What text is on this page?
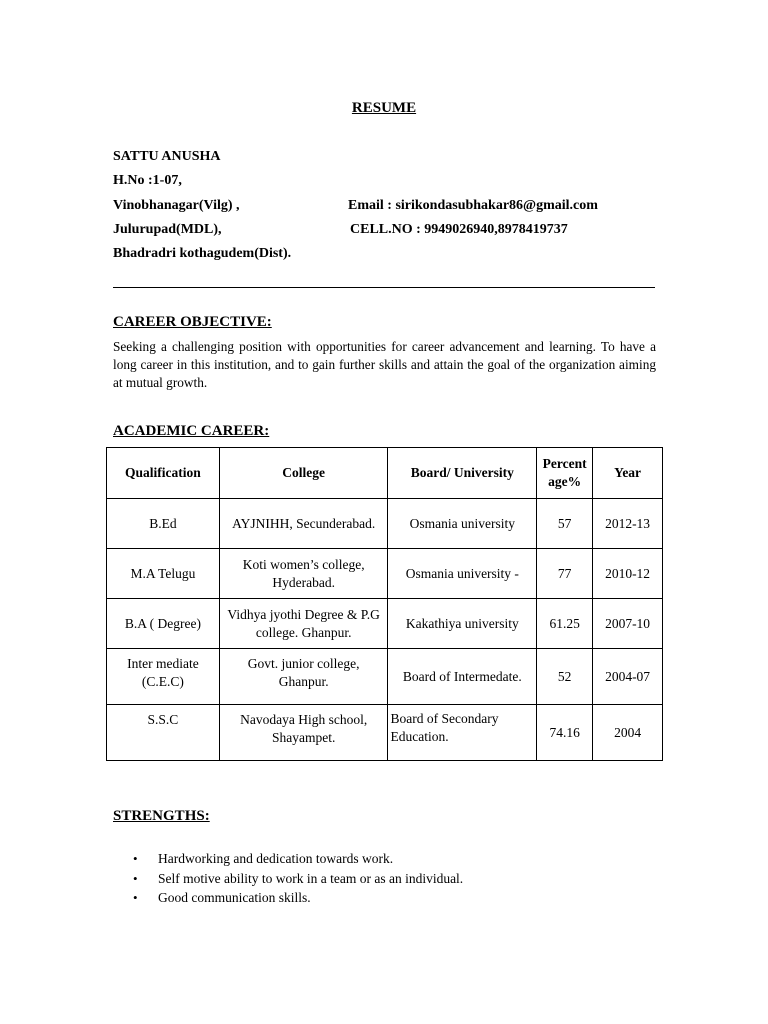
RESUME
SATTU ANUSHA
H.No :1-07,
Vinobhanagar(Vilg) ,
Julurupad(MDL),
Bhadradri kothagudem(Dist).
Email : sirikondasubhakar86@gmail.com
CELL.NO : 9949026940,8978419737
CAREER OBJECTIVE:
Seeking a challenging position with opportunities for career advancement and learning. To have a long career in this institution, and to gain further skills and attain the goal of the organization aiming at mutual growth.
ACADEMIC CAREER:
Qualification	College	Board/ University	Percent age%	Year
B.Ed	AYJNIHH, Secunderabad.	Osmania university	57	2012-13
M.A Telugu	Koti women’s college, Hyderabad.	Osmania university -	77	2010-12
B.A ( Degree)	Vidhya jyothi Degree & P.G college. Ghanpur.	Kakathiya university	61.25	2007-10
Inter mediate (C.E.C)	Govt. junior college, Ghanpur.	Board of Intermedate.	52	2004-07
S.S.C	Navodaya High school, Shayampet.	Board of Secondary Education.	74.16	2004
STRENGTHS:
• Hardworking and dedication towards work.
• Self motive ability to work in a team or as an individual.
• Good communication skills.
